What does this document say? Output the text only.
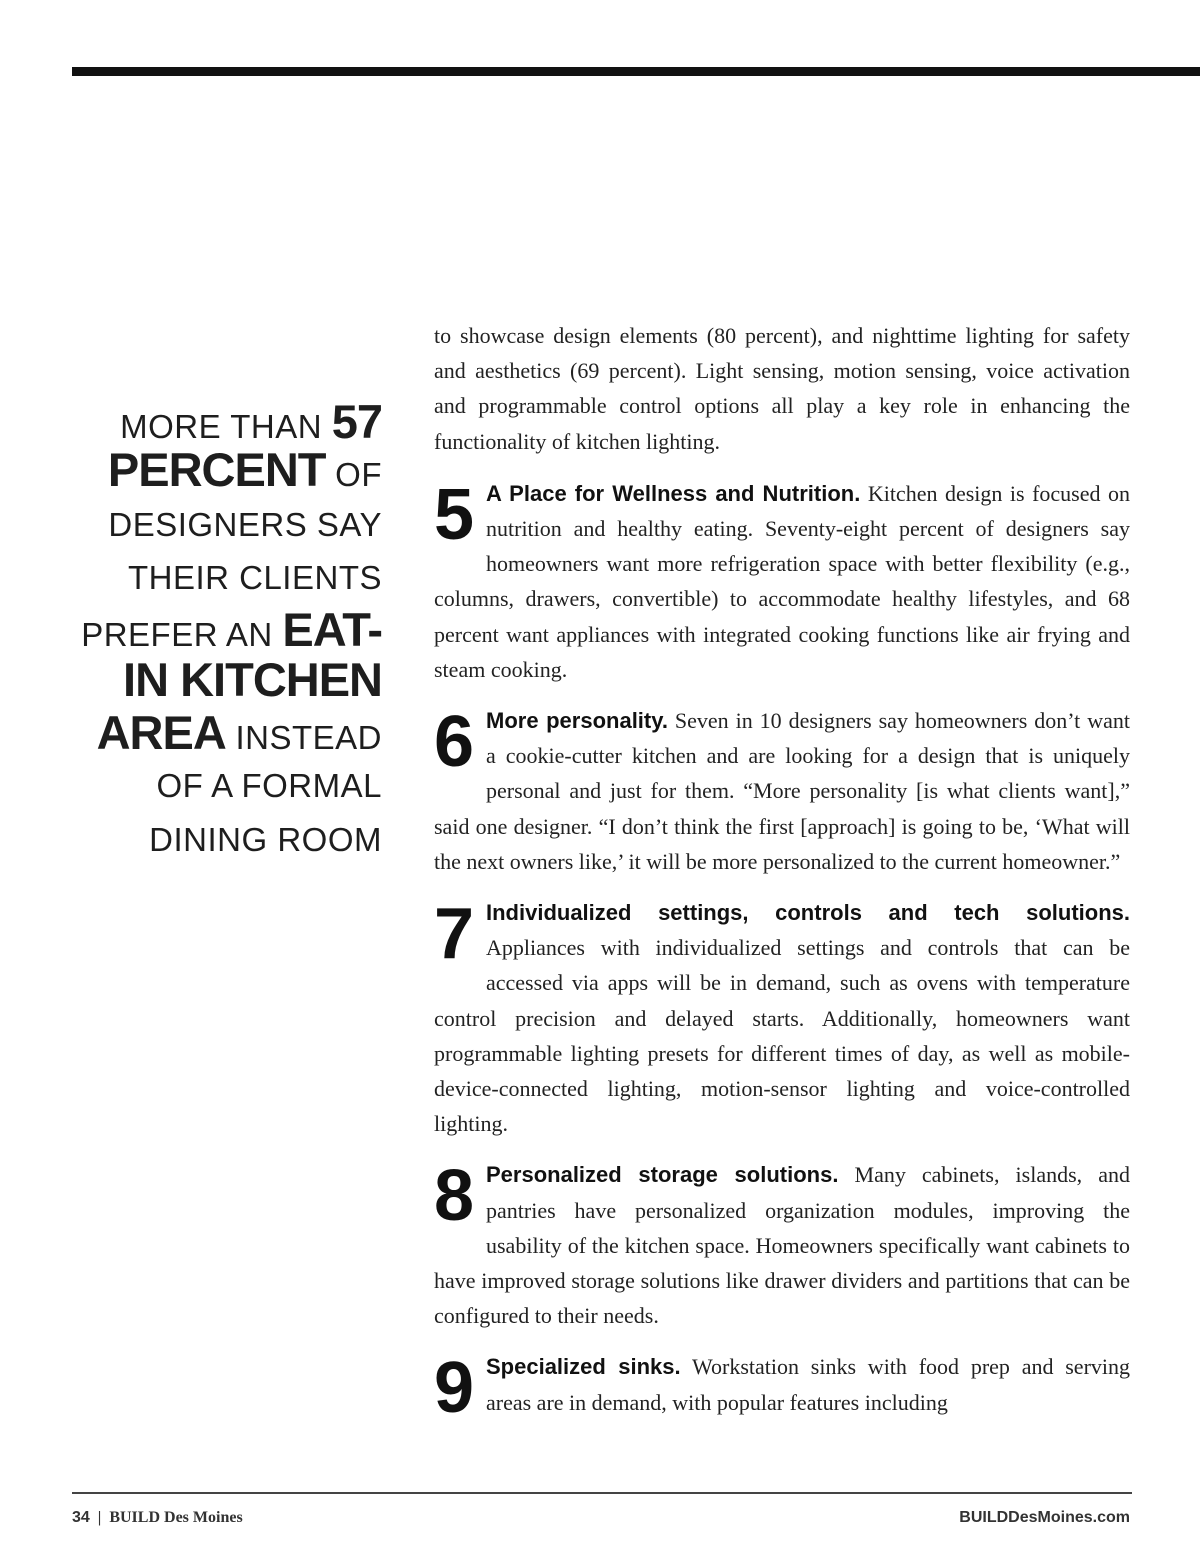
MORE THAN 57
PERCENT OF
DESIGNERS SAY
THEIR CLIENTS
PREFER AN EAT-
IN KITCHEN
AREA INSTEAD
OF A FORMAL
DINING ROOM

to showcase design elements (80 percent), and nighttime lighting for safety and aesthetics (69 percent). Light sensing, motion sensing, voice activation and programmable control options all play a key role in enhancing the functionality of kitchen lighting.

5 A Place for Wellness and Nutrition. Kitchen design is focused on nutrition and healthy eating. Seventy-eight percent of designers say homeowners want more refrigeration space with better flexibility (e.g., columns, drawers, convertible) to accommodate healthy lifestyles, and 68 percent want appliances with integrated cooking functions like air frying and steam cooking.

6 More personality. Seven in 10 designers say homeowners don’t want a cookie-cutter kitchen and are looking for a design that is uniquely personal and just for them. “More personality [is what clients want],” said one designer. “I don’t think the first [approach] is going to be, ‘What will the next owners like,’ it will be more personalized to the current homeowner.”

7 Individualized settings, controls and tech solutions. Appliances with individualized settings and controls that can be accessed via apps will be in demand, such as ovens with temperature control precision and delayed starts. Additionally, homeowners want programmable lighting presets for different times of day, as well as mobile-device-connected lighting, motion-sensor lighting and voice-controlled lighting.

8 Personalized storage solutions. Many cabinets, islands, and pantries have personalized organization modules, improving the usability of the kitchen space. Homeowners specifically want cabinets to have improved storage solutions like drawer dividers and partitions that can be configured to their needs.

9 Specialized sinks. Workstation sinks with food prep and serving areas are in demand, with popular features including

34 | BUILD Des Moines	BUILDDesMoines.com
